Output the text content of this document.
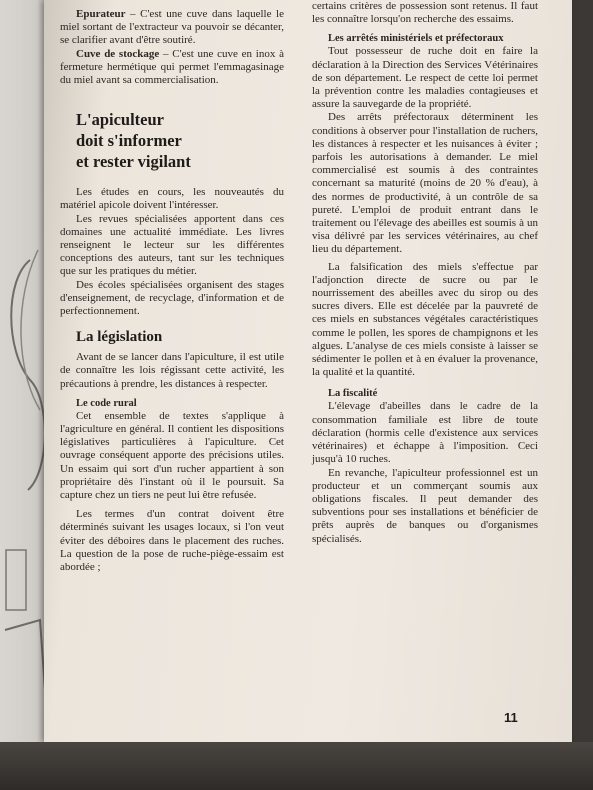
Epurateur – C'est une cuve dans laquelle le miel sortant de l'extracteur va pouvoir se décanter, se clarifier avant d'être soutiré.

Cuve de stockage – C'est une cuve en inox à fermeture hermétique qui permet l'emmagasinage du miel avant sa commercialisation.

L'apiculteur

doit s'informer

et rester vigilant

Les études en cours, les nouveautés du matériel apicole doivent l'intéresser.

Les revues spécialisées apportent dans ces domaines une actualité immédiate. Les livres renseignent le lecteur sur les différentes conceptions des auteurs, tant sur les techniques que sur les pratiques du métier.

Des écoles spécialisées organisent des stages d'enseignement, de recyclage, d'information et de perfectionnement.

La législation

Avant de se lancer dans l'apiculture, il est utile de connaître les lois régissant cette activité, les précautions à prendre, les distances à respecter.

Le code rural

Cet ensemble de textes s'applique à l'agriculture en général. Il contient les dispositions législatives particulières à l'apiculture. Cet ouvrage conséquent apporte des précisions utiles. Un essaim qui sort d'un rucher appartient à son propriétaire dès l'instant où il le poursuit. Sa capture chez un tiers ne peut lui être refusée.

Les termes d'un contrat doivent être déterminés suivant les usages locaux, si l'on veut éviter des déboires dans le placement des ruches. La question de la pose de ruche-piège-essaim est abordée ;

certains critères de possession sont retenus. Il faut les connaître lorsqu'on recherche des essaims.

Les arrêtés ministériels et préfectoraux

Tout possesseur de ruche doit en faire la déclaration à la Direction des Services Vétérinaires de son département. Le respect de cette loi permet la prévention contre les maladies contagieuses et assure la sauvegarde de la propriété.

Des arrêts préfectoraux déterminent les conditions à observer pour l'installation de ruchers, les distances à respecter et les nuisances à éviter ; parfois les autorisations à demander. Le miel commercialisé est soumis à des contraintes concernant sa maturité (moins de 20 % d'eau), à des normes de productivité, à un contrôle de sa pureté. L'emploi de produit entrant dans le traitement ou l'élevage des abeilles est soumis à un visa délivré par les services vétérinaires, au chef lieu du département.

La falsification des miels s'effectue par l'adjonction directe de sucre ou par le nourrissement des abeilles avec du sirop ou des sucres divers. Elle est décelée par la pauvreté de ces miels en substances végétales caractéristiques comme le pollen, les spores de champignons et les algues. L'analyse de ces miels consiste à laisser se sédimenter le pollen et à en évaluer la provenance, la qualité et la quantité.

La fiscalité

L'élevage d'abeilles dans le cadre de la consommation familiale est libre de toute déclaration (hormis celle d'existence aux services vétérinaires) et échappe à l'imposition. Ceci jusqu'à 10 ruches.

En revanche, l'apiculteur professionnel est un producteur et un commerçant soumis aux obligations fiscales. Il peut demander des subventions pour ses installations et bénéficier de prêts auprès de banques ou d'organismes spécialisés.

11
